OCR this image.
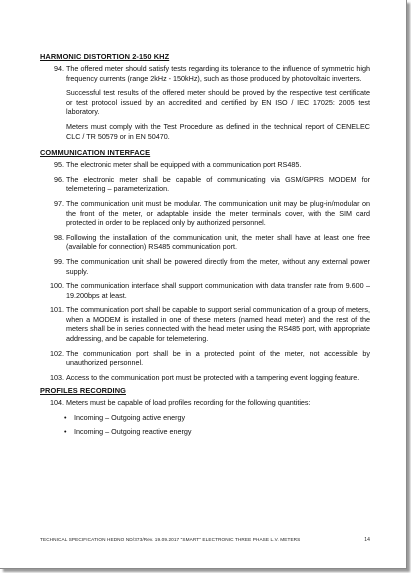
HARMONIC DISTORTION 2-150 KHZ
94. The offered meter should satisfy tests regarding its tolerance to the influence of symmetric high frequency currents (range 2kHz - 150kHz), such as those produced by photovoltaic inverters.
Successful test results of the offered meter should be proved by the respective test certificate or test protocol issued by an accredited and certified by EN ISO / IEC 17025: 2005 test laboratory.
Meters must comply with the Test Procedure as defined in the technical report of CENELEC CLC / TR 50579 or in EN 50470.
COMMUNICATION INTERFACE
95. The electronic meter shall be equipped with a communication port RS485.
96. The electronic meter shall be capable of communicating via GSM/GPRS MODEM for telemetering – parameterization.
97. The communication unit must be modular. The communication unit may be plug-in/modular on the front of the meter, or adaptable inside the meter terminals cover, with the SIM card protected in order to be replaced only by authorized personnel.
98. Following the installation of the communication unit, the meter shall have at least one free (available for connection) RS485 communication port.
99. The communication unit shall be powered directly from the meter, without any external power supply.
100. The communication interface shall support communication with data transfer rate from 9.600 – 19.200bps at least.
101. The communication port shall be capable to support serial communication of a group of meters, when a MODEM is installed in one of these meters (named head meter) and the rest of the meters shall be in series connected with the head meter using the RS485 port, with appropriate addressing, and be capable for telemetering.
102. The communication port shall be in a protected point of the meter, not accessible by unauthorized personnel.
103. Access to the communication port must be protected with a tampering event logging feature.
PROFILES RECORDING
104. Meters must be capable of load profiles recording for the following quantities:
• Incoming – Outgoing active energy
• Incoming – Outgoing reactive energy
TECHNICAL SPECIFICATION HEDNO ND/373/Rev. 19.09.2017 "SMART" ELECTRONIC THREE PHASE L.V. METERS	14
